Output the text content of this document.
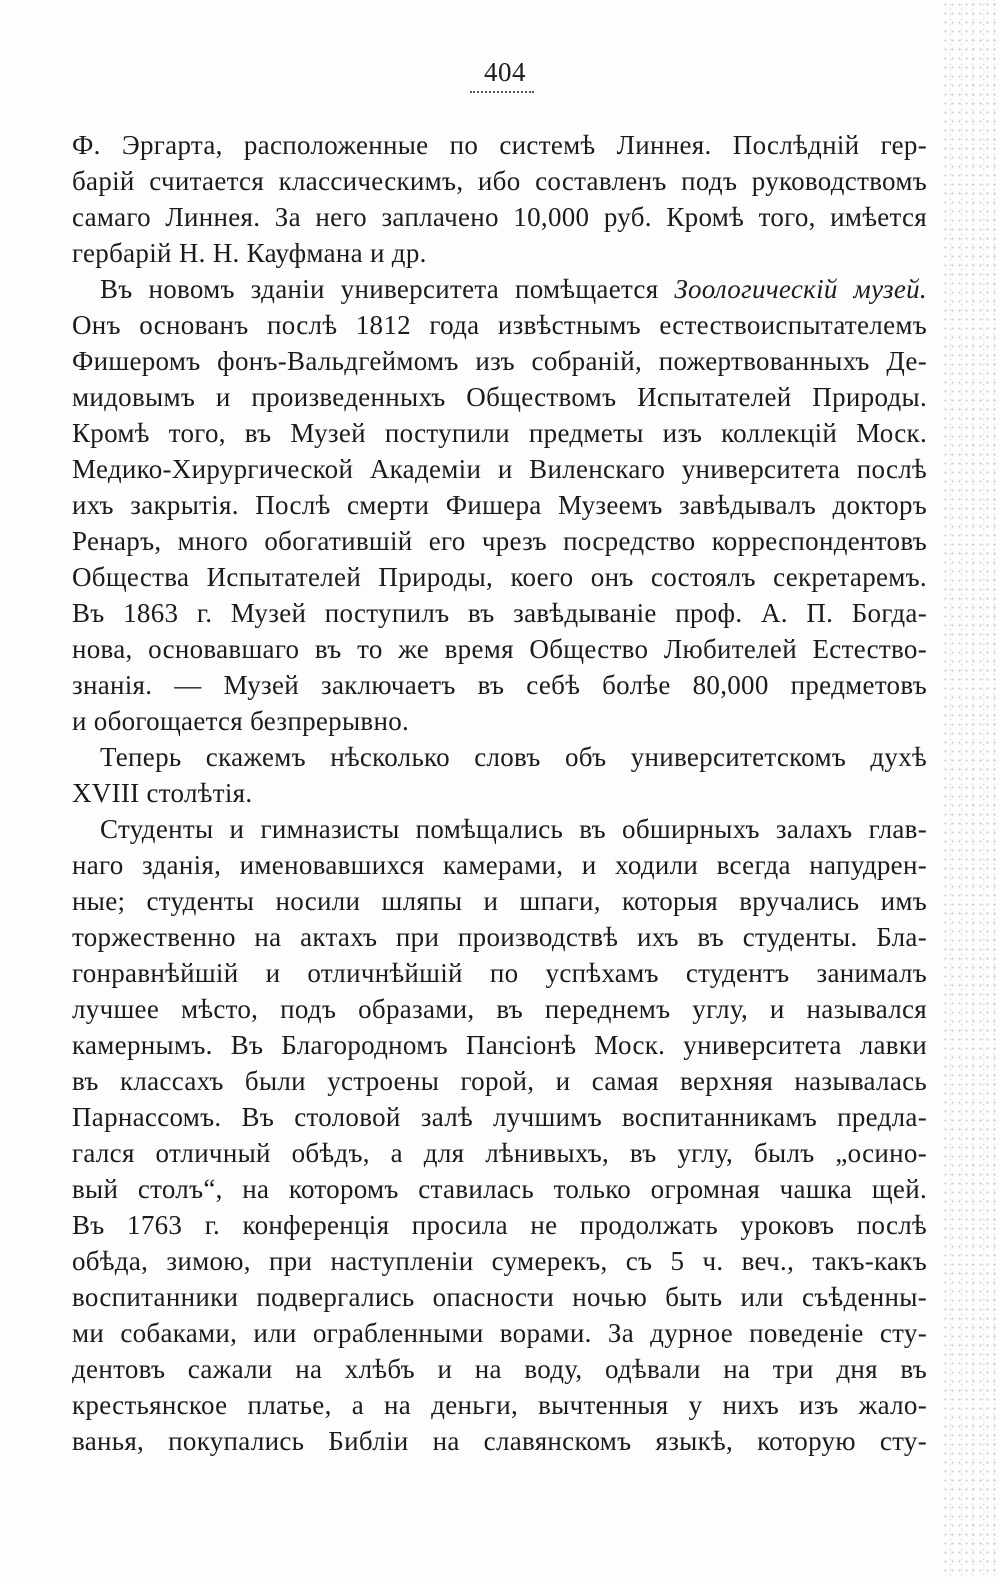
404
Ф. Эргарта, расположенные по системѣ Линнея. Послѣдній гер-
барій считается классическимъ, ибо составленъ подъ руководствомъ
самаго Линнея. За него заплачено 10,000 руб. Кромѣ того, имѣется
гербарій Н. Н. Кауфмана и др.
Въ новомъ зданіи университета помѣщается Зоологическій музей.
Онъ основанъ послѣ 1812 года извѣстнымъ естествоиспытателемъ
Фишеромъ фонъ-Вальдгеймомъ изъ собраній, пожертвованныхъ Де-
мидовымъ и произведенныхъ Обществомъ Испытателей Природы.
Кромѣ того, въ Музей поступили предметы изъ коллекцій Моск.
Медико-Хирургической Академіи и Виленскаго университета послѣ
ихъ закрытія. Послѣ смерти Фишера Музеемъ завѣдывалъ докторъ
Ренаръ, много обогатившій его чрезъ посредство корреспондентовъ
Общества Испытателей Природы, коего онъ состоялъ секретаремъ.
Въ 1863 г. Музей поступилъ въ завѣдываніе проф. А. П. Богда-
нова, основавшаго въ то же время Общество Любителей Естество-
знанія. — Музей заключаетъ въ себѣ болѣе 80,000 предметовъ
и обогощается безпрерывно.
Теперь скажемъ нѣсколько словъ объ университетскомъ духѣ
XVIII столѣтія.
Студенты и гимназисты помѣщались въ обширныхъ залахъ глав-
наго зданія, именовавшихся камерами, и ходили всегда напудрен-
ные; студенты носили шляпы и шпаги, которыя вручались имъ
торжественно на актахъ при производствѣ ихъ въ студенты. Бла-
гонравнѣйшій и отличнѣйшій по успѣхамъ студентъ занималъ
лучшее мѣсто, подъ образами, въ переднемъ углу, и назывался
камернымъ. Въ Благородномъ Пансіонѣ Моск. университета лавки
въ классахъ были устроены горой, и самая верхняя называлась
Парнассомъ. Въ столовой залѣ лучшимъ воспитанникамъ предла-
гался отличный обѣдъ, а для лѣнивыхъ, въ углу, былъ „осино-
вый столъ“, на которомъ ставилась только огромная чашка щей.
Въ 1763 г. конференція просила не продолжать уроковъ послѣ
обѣда, зимою, при наступленіи сумерекъ, съ 5 ч. веч., такъ-какъ
воспитанники подвергались опасности ночью быть или съѣденны-
ми собаками, или ограбленными ворами. За дурное поведеніе сту-
дентовъ сажали на хлѣбъ и на воду, одѣвали на три дня въ
крестьянское платье, а на деньги, вычтенныя у нихъ изъ жало-
ванья, покупались Библіи на славянскомъ языкѣ, которую сту-
